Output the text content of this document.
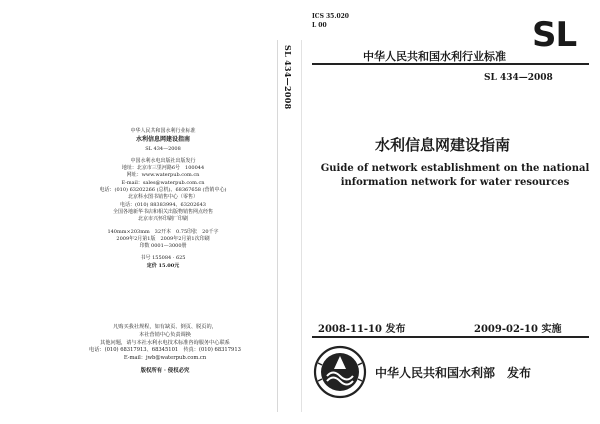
中华人民共和国水利行业标准
水利信息网建设指南
SL 434—2008
中国水利水电出版社出版发行
地址：北京市三里河路6号　100044
网址：www.waterpub.com.cn
E-mail：sales@waterpub.com.cn
电话：(010) 63202266 (总机)、68367658 (营销中心)
北京科水图书销售中心（零售）
电话：(010) 88383994、63202643
全国各地新华书店和相关出版物销售网点经售
北京市兴怀印刷厂印刷
140mm×203mm　32开本　0.75印张　20千字
2009年2月第1版　2009年2月第1次印刷
印数 0001—3000册
书号 155084 · 625
定价 15.00元
凡购买我社规程，如有缺页、倒页、脱页的，
本社营销中心负责调换
其他问题，请与本社水利水电技术标准咨询服务中心联系
电话：(010) 68317913、68345101　传真：(010) 68317913
E-mail：jwb@waterpub.com.cn
版权所有 · 侵权必究
SL 434—2008
ICS 35.020
L 00	SL
中华人民共和国水利行业标准
SL 434—2008
水利信息网建设指南
Guide of network establishment on the national
information network for water resources
2008-11-10 发布	2009-02-10 实施
中华人民共和国水利部　发布
